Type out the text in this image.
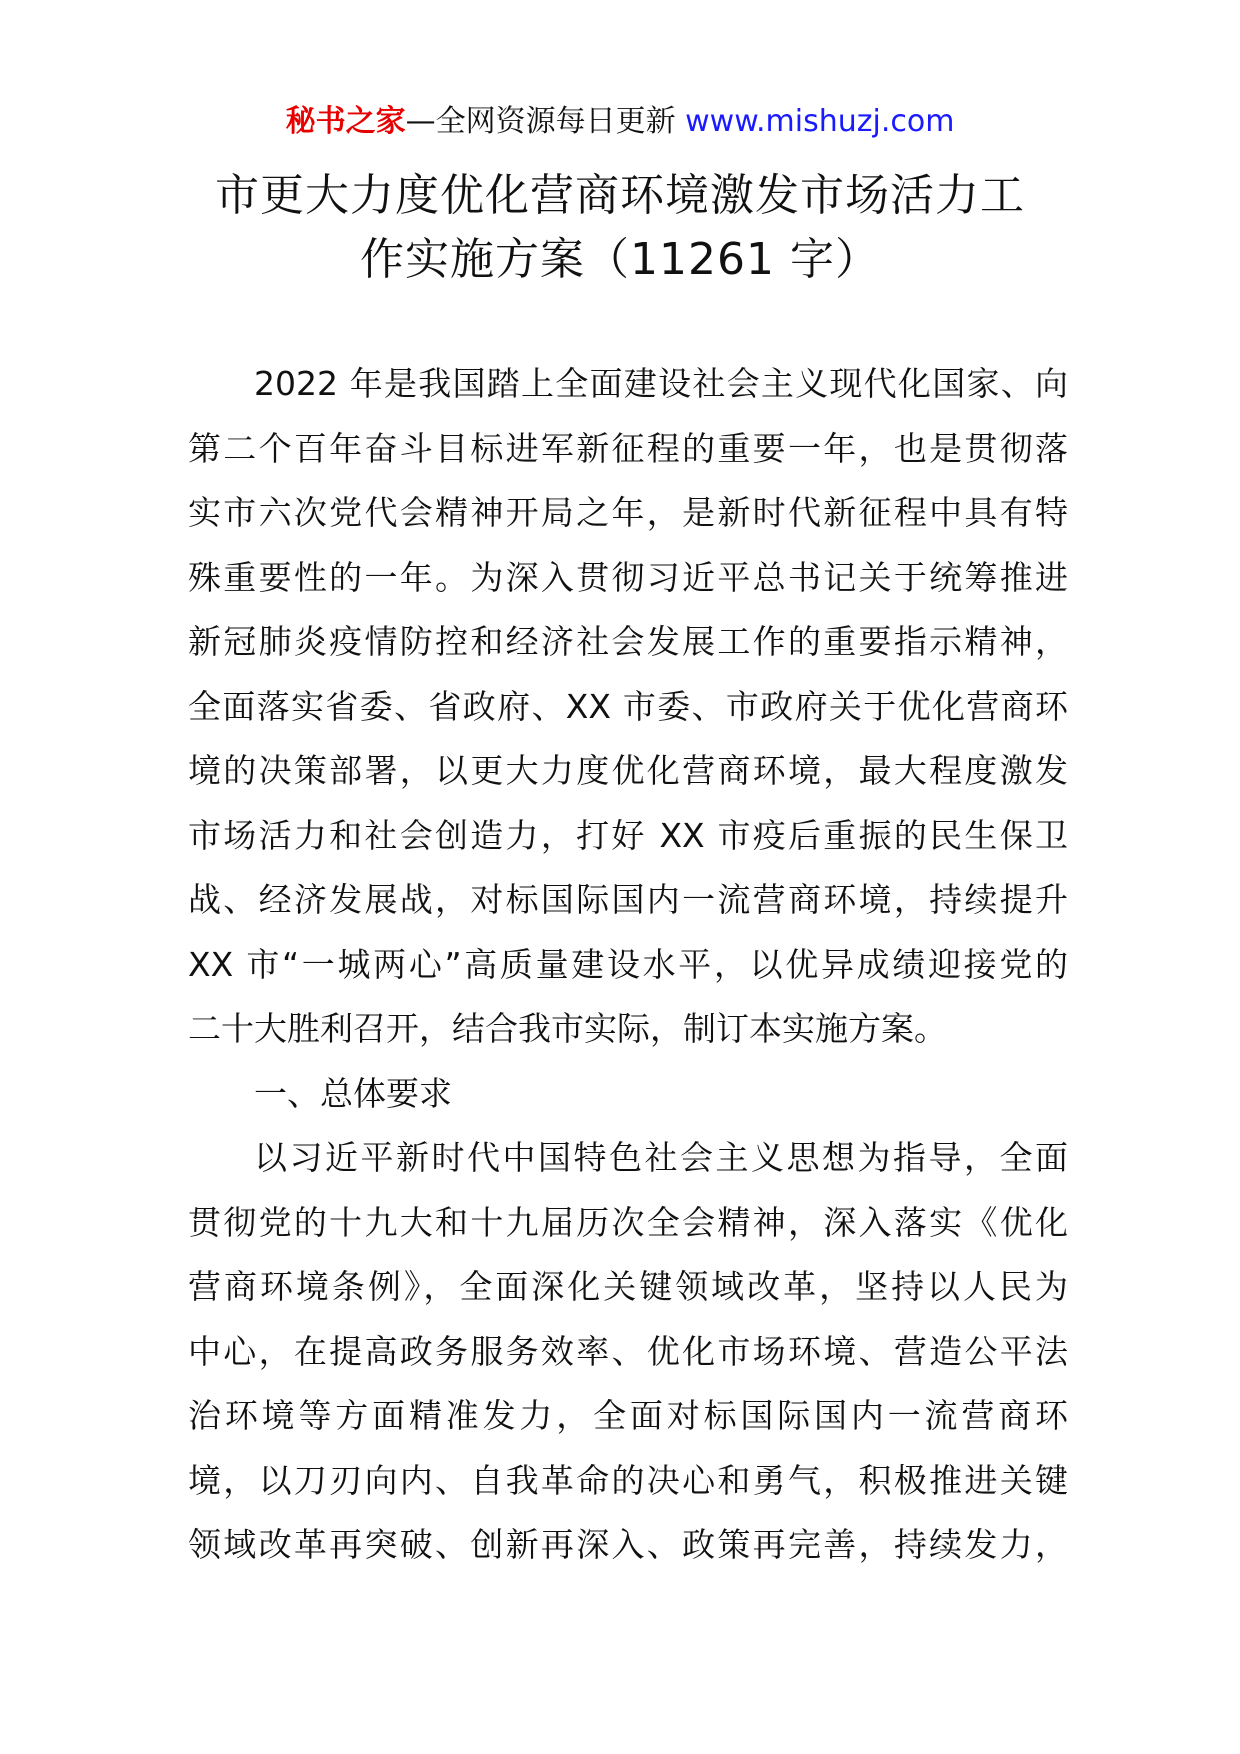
秘书之家—全网资源每日更新 www.mishuzj.com
市更大力度优化营商环境激发市场活力工
作实施方案（11261 字）
2022 年是我国踏上全面建设社会主义现代化国家、向
第二个百年奋斗目标进军新征程的重要一年，也是贯彻落
实市六次党代会精神开局之年，是新时代新征程中具有特
殊重要性的一年。为深入贯彻习近平总书记关于统筹推进
新冠肺炎疫情防控和经济社会发展工作的重要指示精神，
全面落实省委、省政府、XX 市委、市政府关于优化营商环
境的决策部署，以更大力度优化营商环境，最大程度激发
市场活力和社会创造力，打好 XX 市疫后重振的民生保卫
战、经济发展战，对标国际国内一流营商环境，持续提升
XX 市“一城两心”高质量建设水平，以优异成绩迎接党的
二十大胜利召开，结合我市实际，制订本实施方案。
一、总体要求
以习近平新时代中国特色社会主义思想为指导，全面
贯彻党的十九大和十九届历次全会精神，深入落实《优化
营商环境条例》，全面深化关键领域改革，坚持以人民为
中心，在提高政务服务效率、优化市场环境、营造公平法
治环境等方面精准发力，全面对标国际国内一流营商环
境，以刀刃向内、自我革命的决心和勇气，积极推进关键
领域改革再突破、创新再深入、政策再完善，持续发力，
